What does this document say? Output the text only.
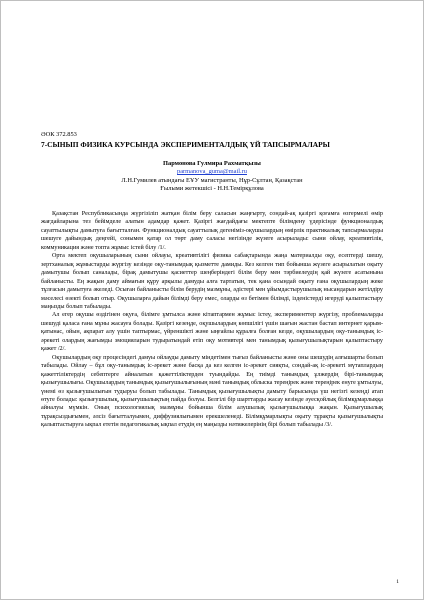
ӘОК 372.853
7-СЫНЫП ФИЗИКА КУРСЫНДА ЭКСПЕРИМЕНТАЛДЫҚ ҮЙ ТАПСЫРМАЛАРЫ
Пармонова Гулмира Рахматқызы
parmanova_guma@mail.ru
Л.Н.Гумилев атындағы ЕҰУ магистранты, Нұр-Сұлтан, Қазақстан
Ғылыми жетекшісі - Н.Н.Темірқұлова

Қазақстан Республикасында жүргізіліп жатқан білім беру саласын жаңғырту, сондай-ақ қазіргі қоғамға өзгермелі өмір жағдайларына тез бейімделе алатын адамдар қажет. Қазіргі жағдайдағы мектепте білімдену үдерісінде функционалдық сауаттылықты дамытуға бағытталған. Функционалдық сауаттылық дегеніміз-оқушылардың өмірлік практикалық тапсырмаларды шешуге дайындық деңгейі, сонымен қатар ол төрт даму саласы негізінде жүзеге асырылады: сыни ойлау, креативтілік, коммуникация және топта жұмыс істей білу /1/.

Орта мектеп оқушыларының сыни ойлауы, креативтілігі физика сабақтарында жаңа материалды оқу, есептерді шешу, зертханалық жұмыстарды жүргізу кезінде оқу-танымдық қызметте дамиды. Кез келген тип бойынша жүзеге асырылатын оқыту дамытушы болып саналады, бірақ дамытушы қасиеттер шеңберіндегі білім беру мен тәрбиелеудің қай жүзеге асатынына байланысты. Ең жақын даму аймағын құру арқылы дамуды алға тартатын, тек қана осындай оқыту ғана оқушылардың жеке тұлғасын дамытуға әкеледі. Осыған байланысты білім берудің мазмұны, әдістері мен ұйымдастырушылық нысандарын жетілдіру мәселесі өзекті болып отыр. Оқушыларға дайын білімді беру емес, оларды өз бетімен білімді, ізденістерді игеруді қалыптастыру маңызды болып табылады.

Ал егер оқушы өздігінен оқуға, білімге ұмтылса және кітаптармен жұмыс істеу, эксперименттер жүргізу, проблемаларды шешуді қаласа ғана мұны жасауға болады. Қазіргі кезеңде, оқушылардың көпшілігі үшін шағын жастан бастап интернет қарым-қатынас, ойын, ақпарат алу үшін таптырмас, үйреншікті және ыңғайлы құралға болған кезде, оқушылардың оқу-танымдық іс-әрекеті олардың жағымды эмоцияларын тудыратындай етіп оқу мотивтері мен танымдық қызығушылықтарын қалыптастыру қажет /2/.

Оқушылардың оқу процесіндегі дамуы ойлауды дамыту міндетімен тығыз байланысты және оны шешудің алғышарты болып табылады. Ойлау – бұл оқу-танымдық іс-әрекет және басқа да кез келген іс-әрекет сияқты, сондай-ақ іс-әрекеті мүтаплардың қажеттіліктердің себептерге айналатын қажеттіліктерден туындайды. Ең тиімді танымдық ұлжердің бірі-танымдық қызығушылығы. Оқушылардың танымдық қызығушылығының мәні танымдық облыска тереңірек және тереңірек енуге ұмтылуы, үнемі өз қызығушылығын тудыруы болып табылады. Танымдық қызығушылықты дамыту барысында үш негізгі кезеңді атап өтуге болады: қызығушылық, қызығушылықтың пайда болуы. Белгілі бір шарттарды жасау кезінде әуесқойлық білімқұмарлыққа айналуы мүмкін. Оның психологиялық мазмұны бойынша білім алушылық қызығушылыққа жақын. Қызығушылық тұрақсыздығымен, әлсіз бағытталуымен, диффузиялығымен ерекшеленеді. Білімқұмарлықты оқыту тұрақты қызығушылықты қалыптастыруға ықпал ететін педагогикалық ықпал етудің ең маңызды нәтижелерінің бірі болып табылады /3/.

1
